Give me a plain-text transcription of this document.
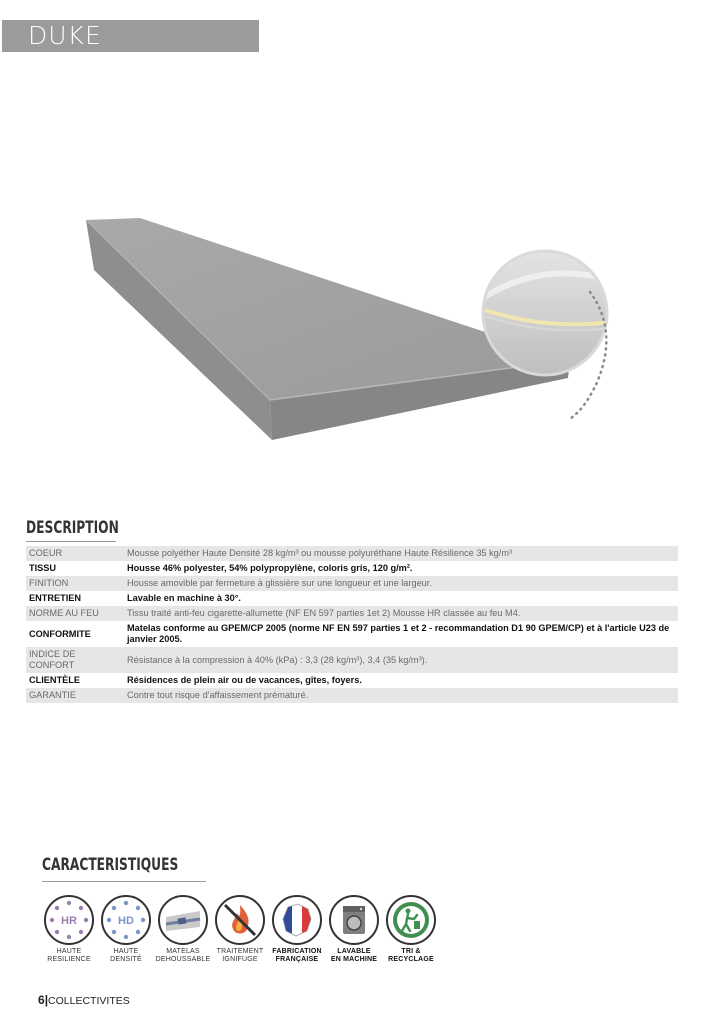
DUKE
DESCRIPTION
COEUR	Mousse polyéther Haute Densité 28 kg/m³ ou mousse polyuréthane Haute Résilience 35 kg/m³
TISSU	Housse 46% polyester, 54% polypropylène, coloris gris, 120 g/m².
FINITION	Housse amovible par fermeture à glissière sur une longueur et une largeur.
ENTRETIEN	Lavable en machine à 30°.
NORME AU FEU	Tissu traité anti-feu cigarette-allumette (NF EN 597 parties 1et 2) Mousse HR classée au feu M4.
CONFORMITE	Matelas conforme au GPEM/CP 2005 (norme NF EN 597 parties 1 et 2 - recommandation D1 90 GPEM/CP) et à l'article U23 de janvier 2005.
INDICE DE CONFORT	Résistance à la compression à 40% (kPa) : 3,3 (28 kg/m³), 3,4 (35 kg/m³).
CLIENTÈLE	Résidences de plein air ou de vacances, gîtes, foyers.
GARANTIE	Contre tout risque d'affaissement prématuré.
CARACTERISTIQUES
HR
HAUTE
RESILIENCE
HD
HAUTE
DENSITÉ
MATELAS
DEHOUSSABLE
TRAITEMENT
IGNIFUGE
FABRICATION
FRANÇAISE
LAVABLE
EN MACHINE
TRI &
RECYCLAGE
6|COLLECTIVITES
